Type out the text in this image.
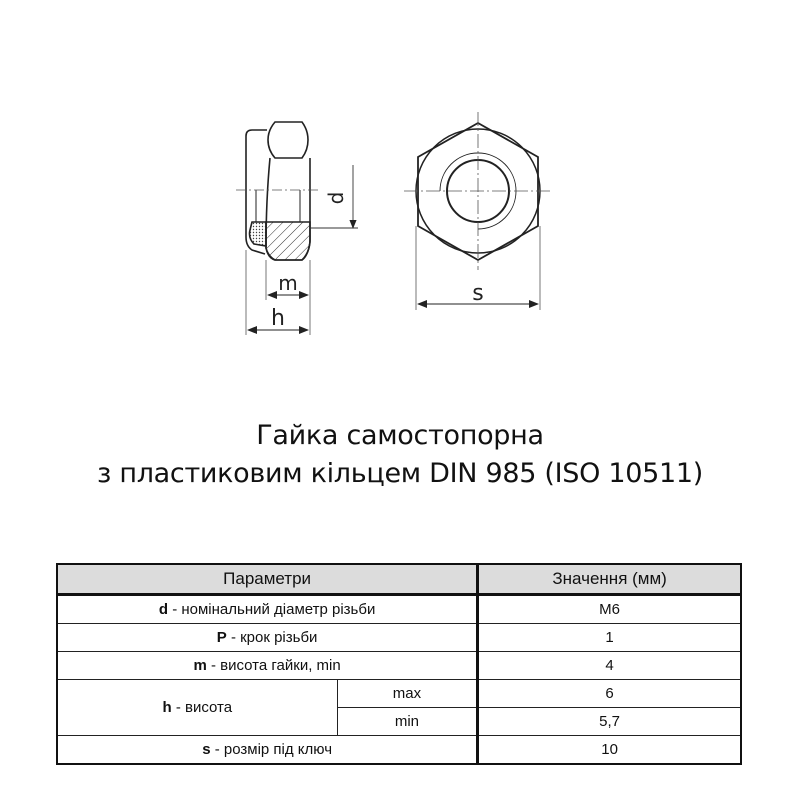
d
m
h
s
Гайка самостопорна
з пластиковим кільцем DIN 985 (ISO 10511)
Параметри		Значення (мм)
d - номінальний діаметр різьби		M6
P - крок різьби		1
m - висота гайки, min		4
h - висота	max	6
	min	5,7
s - розмір під ключ		10
